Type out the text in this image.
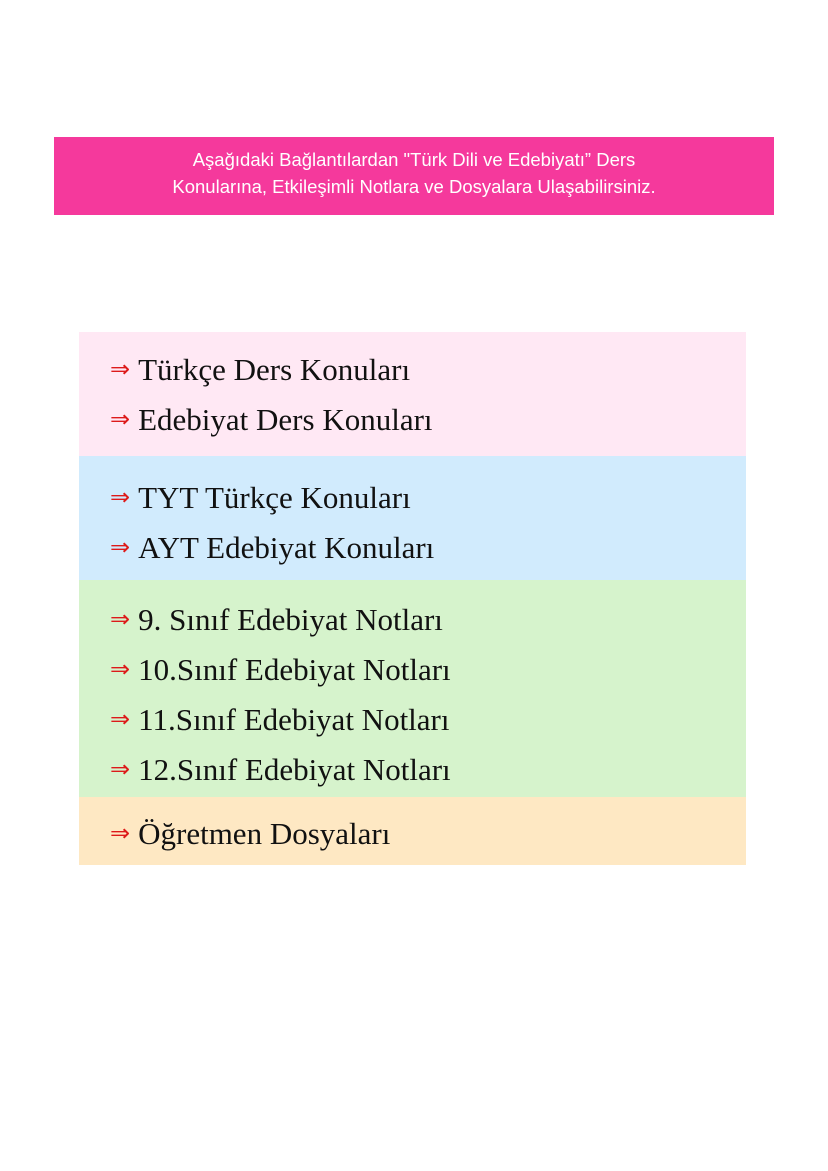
Aşağıdaki Bağlantılardan "Türk Dili ve Edebiyatı” Ders
Konularına, Etkileşimli Notlara ve Dosyalara Ulaşabilirsiniz.
⇒ Türkçe Ders Konuları
⇒ Edebiyat Ders Konuları
⇒ TYT Türkçe Konuları
⇒ AYT Edebiyat Konuları
⇒ 9. Sınıf Edebiyat Notları
⇒ 10.Sınıf Edebiyat Notları
⇒ 11.Sınıf Edebiyat Notları
⇒ 12.Sınıf Edebiyat Notları
⇒ Öğretmen Dosyaları
